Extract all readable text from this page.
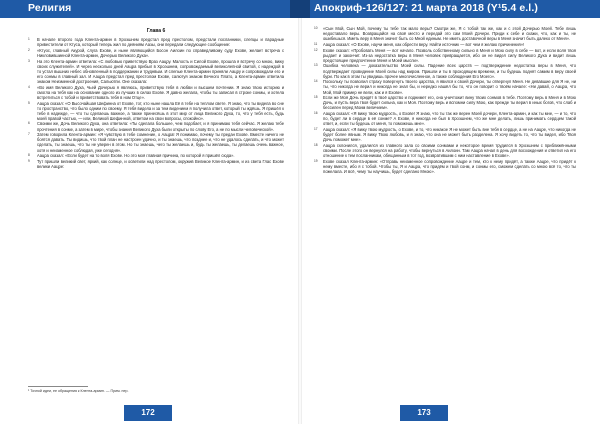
Религия	Апокриф-126/127: 21 марта 2018 (Y¹5.4 e.l.)
Глава 6
1	В начале второго года Клента-армин в Хроэшнем предстал пред престолом, предстали посланники, слепцы и парадные привестители от Ктуса, который теперь жил по деяниям Аазы, они передали следующее сообщение:
2	«Ктуос, главный Акурой, слуга Ехове, и ныне являющийся Босон Аилоин по справедливому суду Ехове, желает встреча с Никловившиеной Клента-армин, Дочерью Великого Духа».
3	На это Клента-армин ответила: «С любовью приветствую Враз Аацру. Малость и Силой Ехове, прошла я встречу со мною, вижу своих служителей». И через несколько дней Аацра прибыл в Хроэшнем, сопровождаемый великолепной свитой, с надеждой в то устал вышних небес обновленный в поддержании и труднвым. И слепые Клента-армин приняли Аацру и сопровождали его и его сонмы в главный зал. И Аацра предстал пред престолом Ехове, салютуя знаком Вечного Плато, а Клента-армин ответила знаком Неизменной достроения, Сальютпи. Оне сказала:
4	«Во имя Великого Духа, Чьей Дочерью я являюсь, приветствую тебя в любви и высшем почтении. Я знаю твою историю и смогла на тебя как на основание одного из лучших в силах Ехове. Я давно желала, чтобы ты записал в строке сонмы, и хотела встретиться с тобой и приветствовать тебя в ном Отце».
5	Аацра сказал: «О Высочайшая Шефинна от Ехове, тот, кто ныне нашла Её в тебе на теплом свете. Я знаю, что ты видела во сне то пространство, что было одним по своему. Я тебя видела и за тем видением я получила ответ, который ты ждёшь. Я пришёл к тебе в надежде, — что ты сделаешь важное, а также принесёшь в этот мир от лица Великого Духа, то, что у тебя есть, будь моей правой частью, — или, Великой Шефинной, ответом на свои вопросы, спокойно».
6	Своими же, Дочь Великого Духа, она ответила: «Ты сделала большее, чем подобает, и я принимаю тебя сейчас. Я желаю тебе прочтения в сонме, а затем в мире, чтобы знания Великого Духа были открыты по слову Его, а не по мысли человеческой».
7	Затем говорила Клента-армин: «Я чувствую в тебе сомнение, о Аацра! Я понимаю, почему ты предан Ехове. Вместе ничего не боятся давать. Ты видишь, что твой план не настроен удачно, и ты знаешь, что позднее и, что не удалось сделать, и что может сделать, ты знаешь, что ты не уверен в этом. Но ты знаешь, чего ты желаешь и, будь ты желаешь, ты делаешь очень важное, хотя и неизменное соблюдая, уже сегодня».
8	Аацра сказал: «Если будет на то воля Ехове. Но это моя главная причина, по которой я пришёл сюда».
9	Тут пришли великий свет, яркий, как солнце, и осветили над престолом, окружив Великое Клента-армин, и из света Глас Ехове велики Аацре:
10	«Сын Мой, Сын Мой, почему ты тебе так мало веры? Смотри же, Я с тобой так же, как и с этой Дочерью Моей. Тебе лишь недоставало веры. Возвращайся на своё место и передай это сам Моей Дочери. Приди к себе и скажи, что, как и ты, не ошибешься. Иметь веру в Меня значит быть со Мной единым. Не иметь доставочной веры в Меня значит быть далеко от Меня».
11	Аацра сказал: «О Ехове, научи меня, как обрести веру. Найти источник — вот чем я желаю причинения»!
12	Ехове сказал: «Пробовать Меня — вот начало. Позволь собственному сильно в Меня и Мою силу в себе — вот, и если воля твоя рыдает и закончит. Из-за недостатка веры в Меня человек превращается, ибо он не видел силу Великого Духа и видит лишь предстоящее предпочтение Меня и Моей мысли».
13	Ошибка человека — доказательство Моей силы. Падение всех царств — подтверждение недостатка веры в Меня, что подтверждает провидение Моей силы над миром. Пришли и ты в проходящем времени, и ты будешь поднят самим в веру своей бури. По как в этом ты увидишь прочее многочисленное, а также соблюдения Его Моего».
14	Поскольку ты позволил страху повергнуть твоего царства, я явился к своей Дочери, ты отвергнул Меня. Не девавшие для Я не, ни ты, что никогда не верил и никогда не знал бы, и нередко нашёл бы то, что он говорит о твоём начале: «Ни давай, о Аацра, что Мой, Мой пример не вели, как и я Ехове».
15	Если же Моя Дочь придёт в твоё царство и поднимет его, она уничтожит вину твоих сонмов в тебе. Поэтому верь в Меня и в Мою Дочь, и пусть вера твоя будет сильна, как и Моя. Поэтому верь и вспомни силу Мою, как прежде ты верил в иных богов, что слаб и бессилен перед Моим величием».
16	Аацра сказал: «Я вижу твою мудрость, о Ехове! Я знаю, что ты так же верен Моей дочери, Клента-армин, и как ты мне, — и то, что по, будет ли в сердце в её сонме? А Ехове, я никогда не был в Хроэшнем, что же мне делать, лишь принимать сердцем такой ответ, и, если ты будешь от меня, то поможешь мне».
17	Аацра сказал: «Я вижу твою мудрость, о Ехове, и то, что никакое Я не может быть вне тебя в сердце, а не на Аацре, что никогда не будет более явным. Я вижу Твою любовь, и я знаю, что она не может быть разделена. Я хочу видеть то, что ты видел, ибо Твоя Дочь поможет мне».
18	Аацра склонился, удалился из главного зала со своими сонмами и некоторое время трудился в Хроэшнем с приближёнными своими. После этого он вернулся на работу, чтобы вернуться в Аилоин. Там Аацра начал в день для восхождения и ответил на его отношение к тем посланникам, обещанным в тот год, возвратившим с ним наставление в Ехове».
19	Ехове сказал Клента-армин: «Отправь неизменное сопровождение Аацре и тем, кто к нему придёт, а также Аацре, что придёт к нему вместе, ибо я с тобой. Чтобы ты, Я и Аацра, что придём и твой сонм, и сонмы его, сможем сделать со мною всё то, что ты пожелала. И всё, чему ты научишь, будет сделано Мною».
¹ Точной идеи, ее обращения к Клента-армин. — Прим. пер.
172	173
